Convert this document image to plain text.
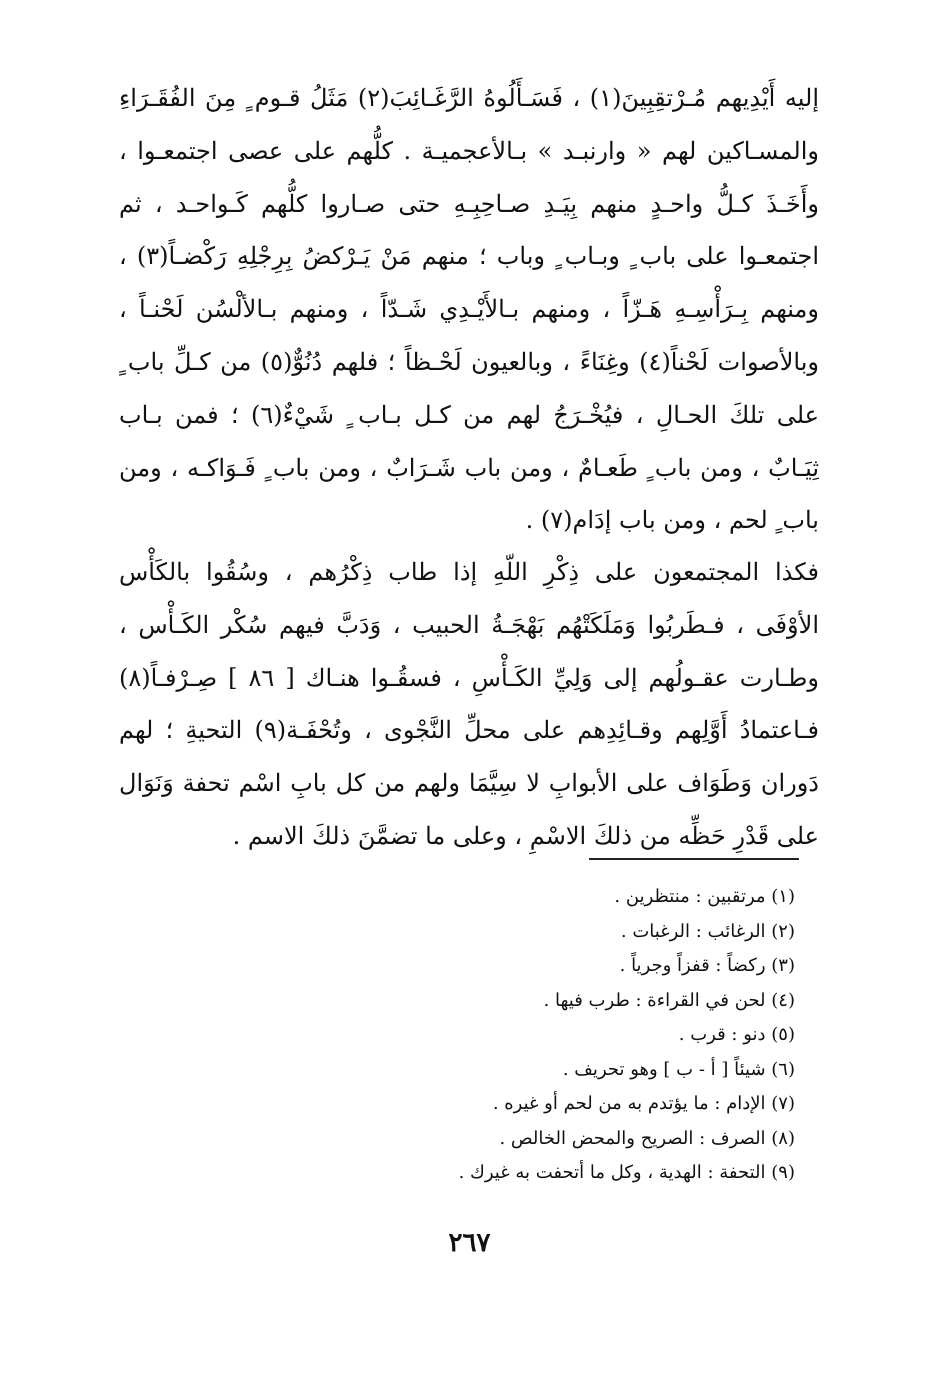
إليه أَيْدِيهم مُـرْتقِبِينَ(١) ، فَسَـأَلُوهُ الرَّغَـائِبَ(٢) مَثَلُ قـوم ٍ مِنَ الفُقَـرَاءِ
والمسـاكين لهم « وارنبـد » بـالأعجميـة . كلُّهم على عصى اجتمعـوا ،
وأَخَـذَ كـلُّ واحـدٍ منهم بِيَـدِ صـاحِبِـهِ حتى صـاروا كلُّهم كَـواحـد ، ثم
اجتمعـوا على باب ٍ وبـاب ٍ وباب ؛ منهم مَنْ يَـرْكضُ بِرِجْلِهِ رَكْضـاً(٣) ،
ومنهم بِـرَأْسِـهِ هَـزّاً ، ومنهم بـالأَيْـدِي شَـدّاً ، ومنهم بـالألْسُن لَحْنـاً ،
وبالأصوات لَحْناً(٤) وغِنَاءً ، وبالعيون لَحْـظاً ؛ فلهم دُنُوٌّ(٥) من كـلِّ باب ٍ
على تلكَ الحـالِ ، فيُخْـرَجُ لهم من كـل بـاب ٍ شَيْءٌ(٦) ؛ فمن بـاب
ثِيَـابٌ ، ومن باب ٍ طَعـامٌ ، ومن باب شَـرَابٌ ، ومن باب ٍ فَـوَاكـه ، ومن
باب ٍ لحم ، ومن باب إدَام(٧) .
فكذا المجتمعون على ذِكْرِ اللّهِ إذا طاب ذِكْرُهم ، وسُقُوا بالكَأْس
الأوْفَى ، فـطَربُوا وَمَلَكَتْهُم بَهْجَـةُ الحبيب ، وَدَبَّ فيهم سُكْر الكَـأْس ،
وطـارت عقـولُهم إلى وَلِيِّ الكَـأْسِ ، فسقُـوا هنـاك [ ٨٦ ] صِـرْفـاً(٨)
فـاعتمادُ أَوَّلِهم وقـائِدِهم على محلِّ النَّجْوى ، وتُحْفَـة(٩) التحيةِ ؛ لهم
دَوران وَطَوَاف على الأبوابِ لا سِيَّمَا ولهم من كل بابِ اسْم تحفة وَنَوَال
على قَدْرِ حَظِّه من ذلكَ الاسْمِ ، وعلى ما تضمَّنَ ذلكَ الاسم .
(١) مرتقبين : منتظرين .
(٢) الرغائب : الرغبات .
(٣) ركضاً : قفزاً وجرياً .
(٤) لحن في القراءة : طرب فيها .
(٥) دنو : قرب .
(٦) شيئاً [ أ - ب ] وهو تحريف .
(٧) الإدام : ما يؤتدم به من لحم أو غيره .
(٨) الصرف : الصريح والمحض الخالص .
(٩) التحفة : الهدية ، وكل ما أتحفت به غيرك .
٢٦٧
